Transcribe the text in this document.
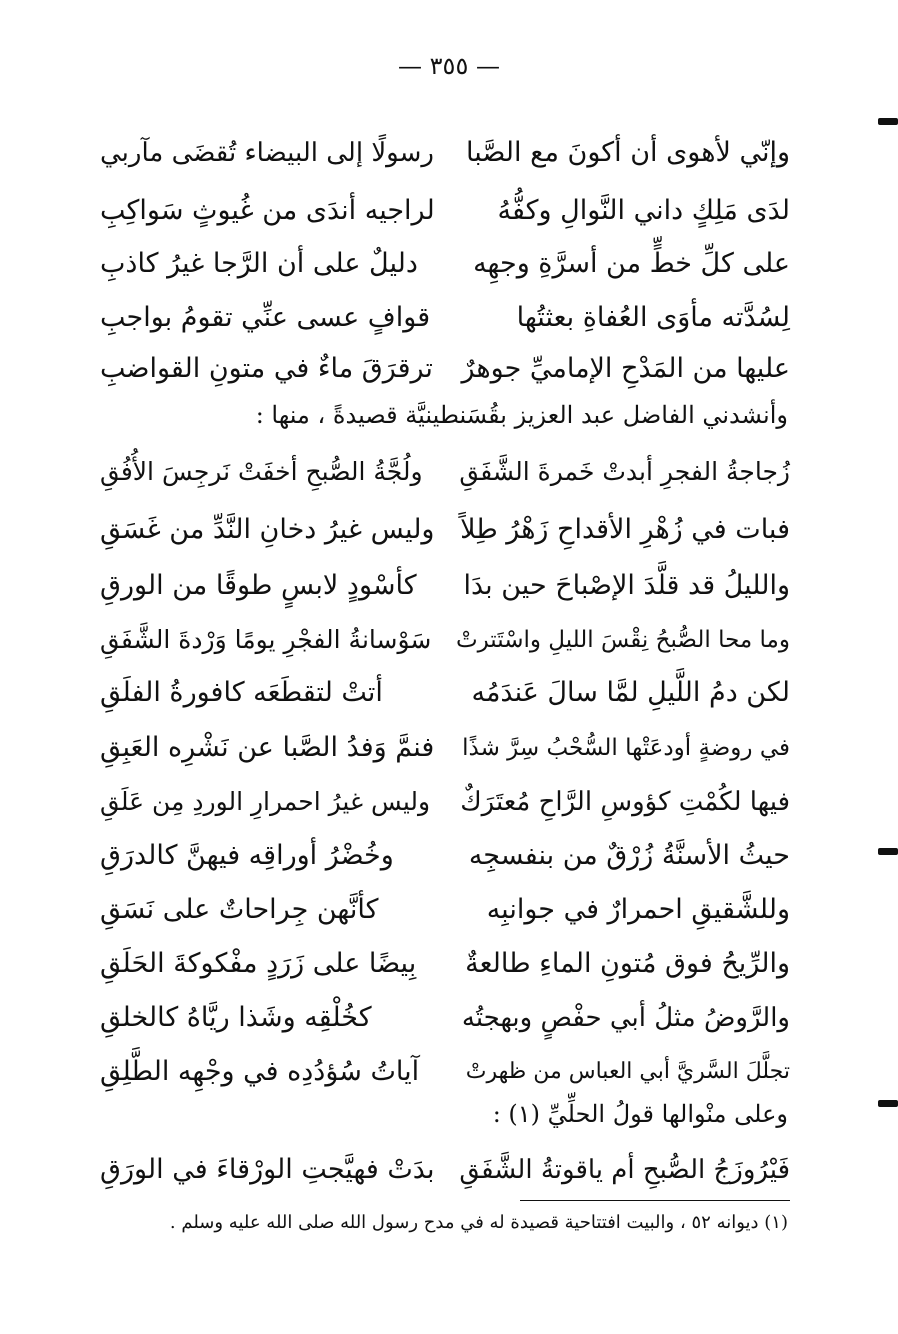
— ٣٥٥ —
وإنّي لأهوى أن أكونَ مع الصَّبا
رسولًا إلى البيضاء تُقضَى مآربي
لدَى مَلِكٍ داني النَّوالِ وكفُّهُ
لراجيه أندَى من غُيوثٍ سَواكِبِ
على كلِّ خطٍّ من أسرَّةِ وجهِه
دليلٌ على أن الرَّجا غيرُ كاذبِ
لِسُدَّته مأوَى العُفاةِ بعثتُها
قوافٍ عسى عنِّي تقومُ بواجبِ
عليها من المَدْحِ الإماميِّ جوهرٌ
ترقرَقَ ماءٌ في متونِ القواضبِ
وأنشدني الفاضل عبد العزيز بقُسَنطينيَّة قصيدةً ، منها :
زُجاجةُ الفجرِ أبدتْ خَمرةَ الشَّفَقِ
ولُجَّةُ الصُّبحِ أخفَتْ نَرجِسَ الأُفُقِ
فبات في زُهْرِ الأقداحِ زَهْرُ طِلاً
وليس غيرُ دخانِ النَّدِّ من غَسَقِ
والليلُ قد قلَّدَ الإصْباحَ حين بدَا
كأسْودٍ لابسٍ طوقًا من الورقِ
وما محا الصُّبحُ نِقْسَ الليلِ واسْتَترتْ
سَوْسانةُ الفجْرِ يومًا وَرْدةَ الشَّفَقِ
لكن دمُ اللَّيلِ لمَّا سالَ عَندَمُه
أتتْ لتقطَعَه كافورةُ الفلَقِ
في روضةٍ أودعَتْها السُّحْبُ سِرَّ شذًا
فنمَّ وَفدُ الصَّبا عن نَشْرِه العَبِقِ
فيها لكُمْتِ كؤوسِ الرَّاحِ مُعتَرَكٌ
وليس غيرُ احمرارِ الوردِ مِن عَلَقِ
حيثُ الأسنَّةُ زُرْقٌ من بنفسجِه
وخُضْرُ أوراقِه فيهنَّ كالدرَقِ
وللشَّقيقِ احمرارٌ في جوانبِه
كأنَّهن جِراحاتٌ على نَسَقِ
والرِّيحُ فوق مُتونِ الماءِ طالعةٌ
بِيضًا على زَرَدٍ مفْكوكةَ الحَلَقِ
والرَّوضُ مثلُ أبي حفْصٍ وبهجتُه
كخُلْقِه وشَذا ريَّاهُ كالخلقِ
تجلَّلَ السَّريَّ أبي العباس من ظهرتْ
آياتُ سُؤدُدِه في وجْهِه الطَّلِقِ
وعلى منْوالها قولُ الحلِّيِّ (١) :
فَيْرُوزَجُ الصُّبحِ أم ياقوتةُ الشَّفَقِ
بدَتْ فهيَّجتِ الورْقاءَ في الورَقِ
(١) ديوانه ٥٢ ، والبيت افتتاحية قصيدة له في مدح رسول الله صلى الله عليه وسلم .
